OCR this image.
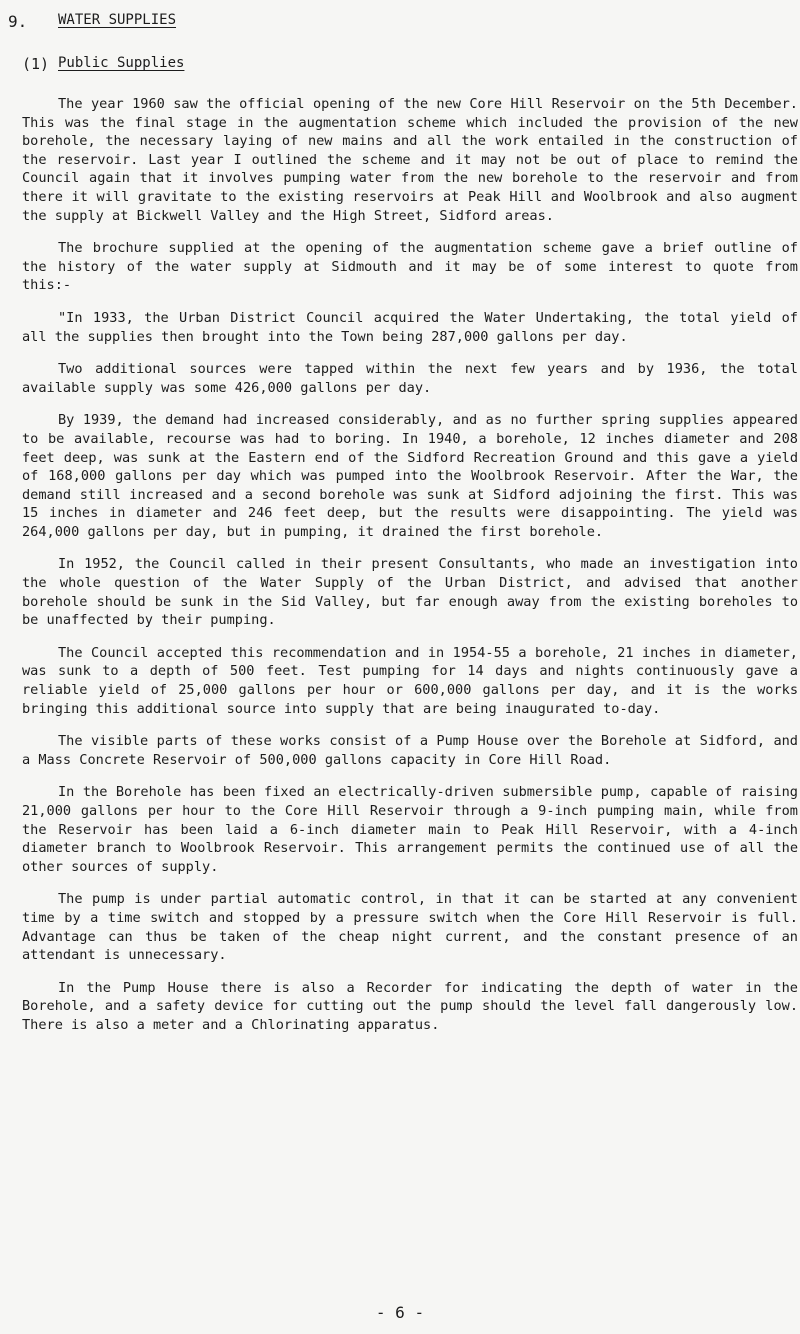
9. WATER SUPPLIES
(1) Public Supplies

The year 1960 saw the official opening of the new Core Hill Reservoir on the 5th December. This was the final stage in the augmentation scheme which included the provision of the new borehole, the necessary laying of new mains and all the work entailed in the construction of the reservoir. Last year I outlined the scheme and it may not be out of place to remind the Council again that it involves pumping water from the new borehole to the reservoir and from there it will gravitate to the existing reservoirs at Peak Hill and Woolbrook and also augment the supply at Bickwell Valley and the High Street, Sidford areas.

The brochure supplied at the opening of the augmentation scheme gave a brief outline of the history of the water supply at Sidmouth and it may be of some interest to quote from this:-

"In 1933, the Urban District Council acquired the Water Undertaking, the total yield of all the supplies then brought into the Town being 287,000 gallons per day.

Two additional sources were tapped within the next few years and by 1936, the total available supply was some 426,000 gallons per day.

By 1939, the demand had increased considerably, and as no further spring supplies appeared to be available, recourse was had to boring. In 1940, a borehole, 12 inches diameter and 208 feet deep, was sunk at the Eastern end of the Sidford Recreation Ground and this gave a yield of 168,000 gallons per day which was pumped into the Woolbrook Reservoir. After the War, the demand still increased and a second borehole was sunk at Sidford adjoining the first. This was 15 inches in diameter and 246 feet deep, but the results were disappointing. The yield was 264,000 gallons per day, but in pumping, it drained the first borehole.

In 1952, the Council called in their present Consultants, who made an investigation into the whole question of the Water Supply of the Urban District, and advised that another borehole should be sunk in the Sid Valley, but far enough away from the existing boreholes to be unaffected by their pumping.

The Council accepted this recommendation and in 1954-55 a borehole, 21 inches in diameter, was sunk to a depth of 500 feet. Test pumping for 14 days and nights continuously gave a reliable yield of 25,000 gallons per hour or 600,000 gallons per day, and it is the works bringing this additional source into supply that are being inaugurated to-day.

The visible parts of these works consist of a Pump House over the Borehole at Sidford, and a Mass Concrete Reservoir of 500,000 gallons capacity in Core Hill Road.

In the Borehole has been fixed an electrically-driven submersible pump, capable of raising 21,000 gallons per hour to the Core Hill Reservoir through a 9-inch pumping main, while from the Reservoir has been laid a 6-inch diameter main to Peak Hill Reservoir, with a 4-inch diameter branch to Woolbrook Reservoir. This arrangement permits the continued use of all the other sources of supply.

The pump is under partial automatic control, in that it can be started at any convenient time by a time switch and stopped by a pressure switch when the Core Hill Reservoir is full. Advantage can thus be taken of the cheap night current, and the constant presence of an attendant is unnecessary.

In the Pump House there is also a Recorder for indicating the depth of water in the Borehole, and a safety device for cutting out the pump should the level fall dangerously low. There is also a meter and a Chlorinating apparatus.

- 6 -
